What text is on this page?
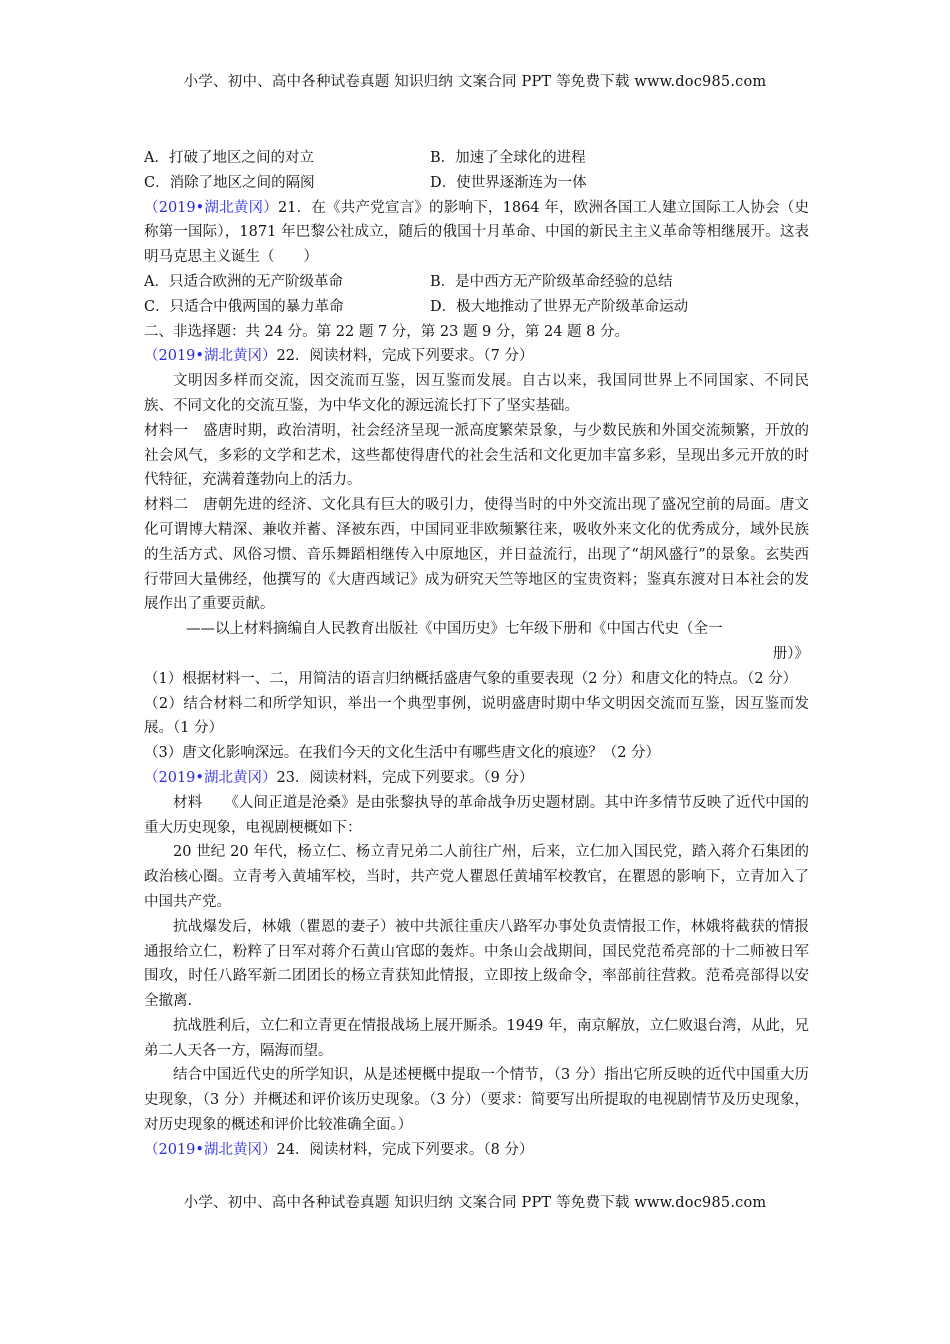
小学、初中、高中各种试卷真题 知识归纳 文案合同 PPT 等免费下载 www.doc985.com
A．打破了地区之间的对立	B．加速了全球化的进程
C．消除了地区之间的隔阂	D．使世界逐渐连为一体

（2019•湖北黄冈）21．在《共产党宣言》的影响下，1864 年，欧洲各国工人建立国际工人协会（史称第一国际），1871 年巴黎公社成立，随后的俄国十月革命、中国的新民主主义革命等相继展开。这表明马克思主义诞生（　　）

A．只适合欧洲的无产阶级革命	B．是中西方无产阶级革命经验的总结
C．只适合中俄两国的暴力革命	D．极大地推动了世界无产阶级革命运动

二、非选择题：共 24 分。第 22 题 7 分，第 23 题 9 分，第 24 题 8 分。

（2019•湖北黄冈）22．阅读材料，完成下列要求。（7 分）

文明因多样而交流，因交流而互鉴，因互鉴而发展。自古以来，我国同世界上不同国家、不同民族、不同文化的交流互鉴，为中华文化的源远流长打下了坚实基础。

材料一　盛唐时期，政治清明，社会经济呈现一派高度繁荣景象，与少数民族和外国交流频繁，开放的社会风气，多彩的文学和艺术，这些都使得唐代的社会生活和文化更加丰富多彩，呈现出多元开放的时代特征，充满着蓬勃向上的活力。

材料二　唐朝先进的经济、文化具有巨大的吸引力，使得当时的中外交流出现了盛况空前的局面。唐文化可谓博大精深、兼收并蓄、泽被东西，中国同亚非欧频繁往来，吸收外来文化的优秀成分，域外民族的生活方式、风俗习惯、音乐舞蹈相继传入中原地区，并日益流行，出现了“胡风盛行”的景象。玄奘西行带回大量佛经，他撰写的《大唐西域记》成为研究天竺等地区的宝贵资料；鉴真东渡对日本社会的发展作出了重要贡献。

——以上材料摘编自人民教育出版社《中国历史》七年级下册和《中国古代史（全一

册）》

（1）根据材料一、二，用简洁的语言归纳概括盛唐气象的重要表现（2 分）和唐文化的特点。（2 分）

（2）结合材料二和所学知识，举出一个典型事例，说明盛唐时期中华文明因交流而互鉴，因互鉴而发展。（1 分）

（3）唐文化影响深远。在我们今天的文化生活中有哪些唐文化的痕迹？（2 分）

（2019•湖北黄冈）23．阅读材料，完成下列要求。（9 分）

材料　　《人间正道是沧桑》是由张黎执导的革命战争历史题材剧。其中许多情节反映了近代中国的重大历史现象，电视剧梗概如下：

20 世纪 20 年代，杨立仁、杨立青兄弟二人前往广州，后来，立仁加入国民党，踏入蒋介石集团的政治核心圈。立青考入黄埔军校，当时，共产党人瞿恩任黄埔军校教官，在瞿恩的影响下，立青加入了中国共产党。

抗战爆发后，林娥（瞿恩的妻子）被中共派往重庆八路军办事处负责情报工作，林娥将截获的情报通报给立仁，粉粹了日军对蒋介石黄山官邸的轰炸。中条山会战期间，国民党范希亮部的十二师被日军围攻，时任八路军新二团团长的杨立青获知此情报，立即按上级命令，率部前往营救。范希亮部得以安全撤离.

抗战胜利后，立仁和立青更在情报战场上展开厮杀。1949 年，南京解放，立仁败退台湾，从此，兄弟二人天各一方，隔海而望。

结合中国近代史的所学知识，从是述梗概中提取一个情节，（3 分）指出它所反映的近代中国重大历史现象，（3 分）并概述和评价该历史现象。（3 分）（要求：简要写出所提取的电视剧情节及历史现象，对历史现象的概述和评价比较准确全面。）

（2019•湖北黄冈）24．阅读材料，完成下列要求。（8 分）

小学、初中、高中各种试卷真题 知识归纳 文案合同 PPT 等免费下载 www.doc985.com
